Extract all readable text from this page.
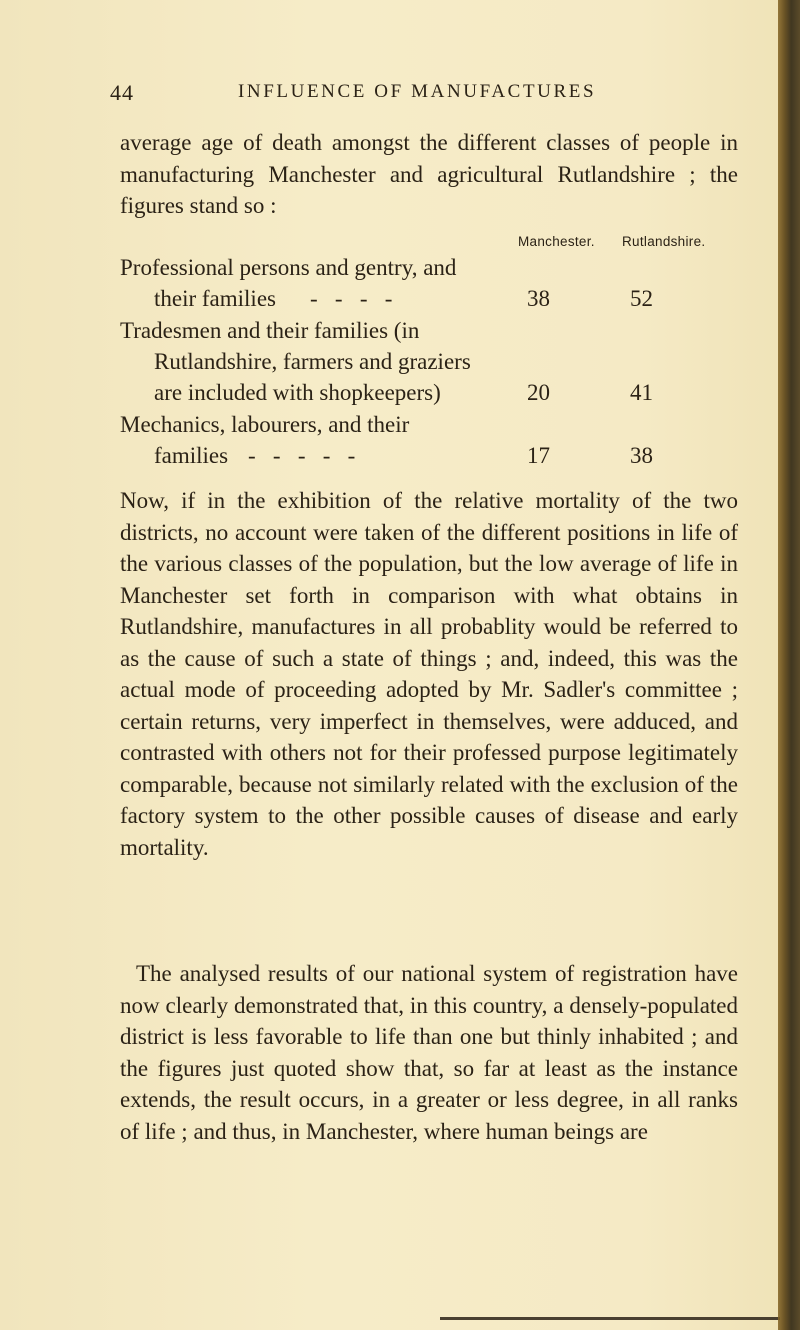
44	INFLUENCE OF MANUFACTURES

average age of death amongst the different classes of people in manufacturing Manchester and agricultural Rutlandshire ; the figures stand so :

Manchester. Rutlandshire.
Professional persons and gentry, and
their families -   -   -   -	38	52
Tradesmen and their families (in
Rutlandshire, farmers and graziers
are included with shopkeepers)	20	41
Mechanics, labourers, and their
families -   -   -   -   -	17	38

Now, if in the exhibition of the relative mortality of the two districts, no account were taken of the different positions in life of the various classes of the population, but the low average of life in Manchester set forth in comparison with what obtains in Rutlandshire, manufactures in all probablity would be referred to as the cause of such a state of things ; and, indeed, this was the actual mode of proceeding adopted by Mr. Sadler's committee ; certain returns, very imperfect in themselves, were adduced, and contrasted with others not for their professed purpose legitimately comparable, because not similarly related with the exclusion of the factory system to the other possible causes of disease and early mortality.

The analysed results of our national system of registration have now clearly demonstrated that, in this country, a densely-populated district is less favorable to life than one but thinly inhabited ; and the figures just quoted show that, so far at least as the instance extends, the result occurs, in a greater or less degree, in all ranks of life ; and thus, in Manchester, where human beings are
